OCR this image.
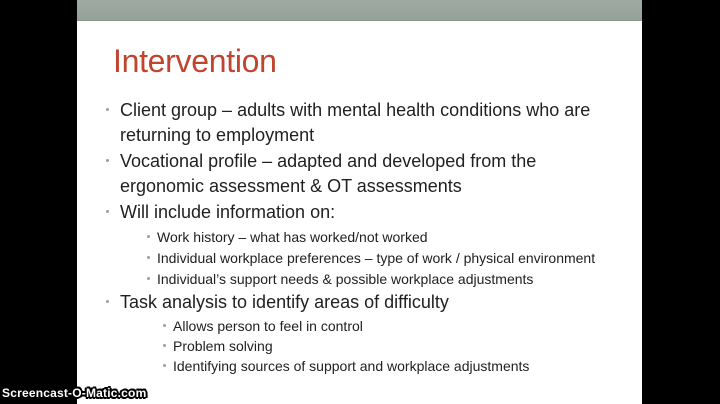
Intervention
Client group – adults with mental health conditions who are returning to employment
Vocational profile – adapted and developed from the ergonomic assessment & OT assessments
Will include information on:
Work history – what has worked/not worked
Individual workplace preferences – type of work / physical environment
Individual’s support needs & possible workplace adjustments
Task analysis to identify areas of difficulty
Allows person to feel in control
Problem solving
Identifying sources of support and workplace adjustments
Screencast-O-Matic.com
